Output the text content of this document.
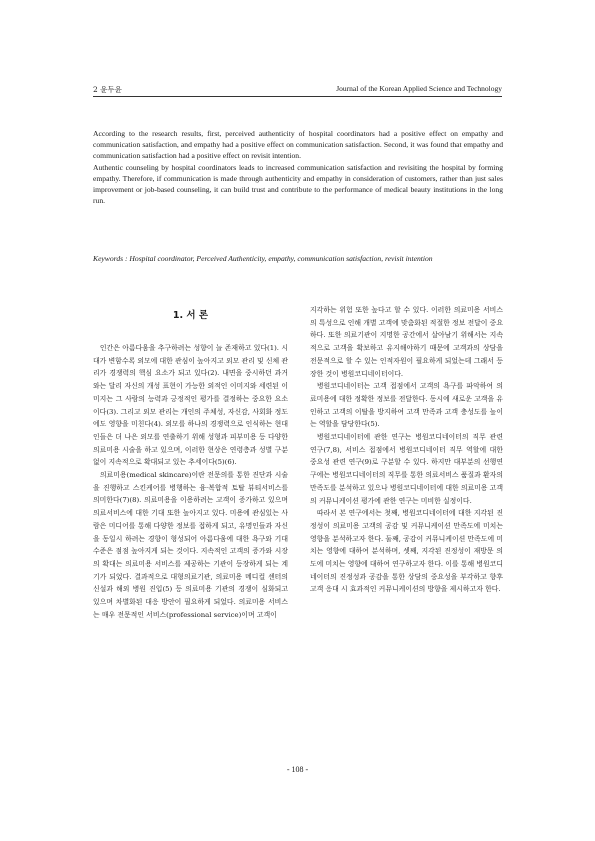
2 윤두윤	Journal of the Korean Applied Science and Technology

According to the research results, first, perceived authenticity of hospital coordinators had a positive effect on empathy and communication satisfaction, and empathy had a positive effect on communication satisfaction. Second, it was found that empathy and communication satisfaction had a positive effect on revisit intention.

Authentic counseling by hospital coordinators leads to increased communication satisfaction and revisiting the hospital by forming empathy. Therefore, if communication is made through authenticity and empathy in consideration of customers, rather than just sales improvement or job-based counseling, it can build trust and contribute to the performance of medical beauty institutions in the long run.

Keywords : Hospital coordinator, Perceived Authenticity, empathy, communication satisfaction, revisit intention
1. 서 론

인간은 아름다움을 추구하려는 성향이 늘 존재하고 있다(1). 시대가 변함수록 외모에 대한 관심이 높아지고 외모 관리 및 신체 관리가 경쟁력의 핵심 요소가 되고 있다(2). 내면을 중시하던 과거와는 달리 자신의 개성 표현이 가능한 외적인 이미지와 세련된 이미지는 그 사람의 능력과 긍정적인 평가를 결정하는 중요한 요소이다(3). 그리고 외모 관리는 개인의 주체성, 자신감, 사회화 정도에도 영향을 미친다(4). 외모를 하나의 경쟁력으로 인식하는 현대인들은 더 나은 외모를 연출하기 위해 성형과 피부미용 등 다양한 의료미용 시술을 하고 있으며, 이러한 현상은 연령층과 성별 구분없이 지속적으로 확대되고 있는 추세이다(5)(6).

의료미용(medical skincare)이란 전문의를 통한 진단과 시술을 진행하고 스킨케어를 병행하는 융·복합적 토탈 뷰티서비스를 의미한다(7)(8). 의료미용을 이용하려는 고객이 증가하고 있으며 의료서비스에 대한 기대 또한 높아지고 있다. 미용에 관심있는 사람은 미디어를 통해 다양한 정보를 접하게 되고, 유명인들과 자신을 동일시 하려는 경향이 형성되어 아름다움에 대한 욕구와 기대 수준은 점점 높아지게 되는 것이다. 지속적인 고객의 증가와 시장의 확대는 의료미용 서비스를 제공하는 기관이 등장하게 되는 계기가 되었다. 결과적으로 대형의료기관, 의료미용 메디컬 센터의 신설과 해외 병원 진입(5) 등 의료미용 기관의 경쟁이 심화되고 있으며 차별화된 대응 방안이 필요하게 되었다. 의료미용 서비스는 매우 전문적인 서비스(professional service)이며 고객이

지각하는 위험 또한 높다고 할 수 있다. 이러한 의료미용 서비스의 특성으로 인해 개별 고객에 맞춤화된 적절한 정보 전달이 중요하다. 또한 의료기관이 지명한 공간에서 살아남기 위해서는 지속적으로 고객을 확보하고 유지해야하기 때문에 고객과의 상담을 전문적으로 할 수 있는 인적자원이 필요하게 되었는데 그래서 등장한 것이 병원코디네이터이다.

병원코디네이터는 고객 접점에서 고객의 욕구를 파악하여 의료미용에 대한 정확한 정보를 전달한다. 동시에 새로운 고객을 유인하고 고객의 이탈을 방지하여 고객 만족과 고객 충성도를 높이는 역할을 담당한다(5).

병원코디네이터에 관한 연구는 병원코디네이터의 직무 관련 연구(7,8), 서비스 접점에서 병원코디네이터 직무 역할에 대한 중요성 관련 연구(9)로 구분할 수 있다. 하지만 대부분의 선행연구에는 병원코디네이터의 직무를 통한 의료서비스 품질과 환자의 만족도를 분석하고 있으나 병원코디네이터에 대한 의료미용 고객의 커뮤니케이션 평가에 관한 연구는 미비한 실정이다.

따라서 본 연구에서는 첫째, 병원코디네이터에 대한 지각된 진정성이 의료미용 고객의 공감 및 커뮤니케이션 만족도에 미치는 영향을 분석하고자 한다. 둘째, 공감이 커뮤니케이션 만족도에 미치는 영향에 대하여 분석하며, 셋째, 지각된 진정성이 재방문 의도에 미치는 영향에 대하여 연구하고자 한다. 이를 통해 병원코디네이터의 진정성과 공감을 통한 상담의 중요성을 부각하고 향후 고객 응대 시 효과적인 커뮤니케이션의 방향을 제시하고자 한다.

- 108 -
